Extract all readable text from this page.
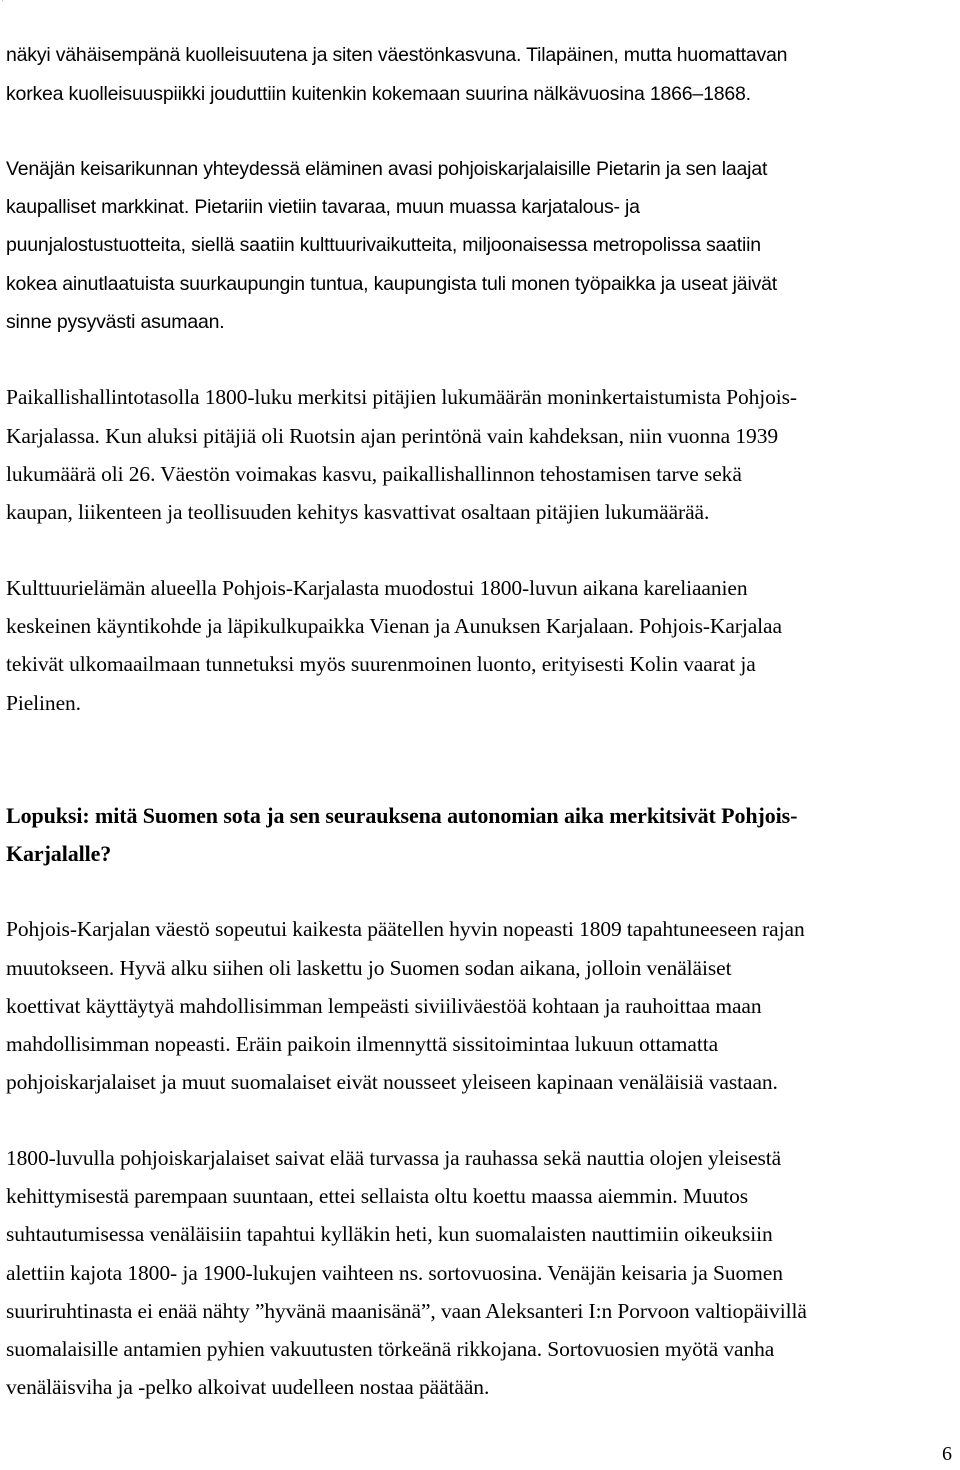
'
näkyi vähäisempänä kuolleisuutena ja siten väestönkasvuna. Tilapäinen, mutta huomattavan
korkea kuolleisuuspiikki jouduttiin kuitenkin kokemaan suurina nälkävuosina 1866–1868.
Venäjän keisarikunnan yhteydessä eläminen avasi pohjoiskarjalaisille Pietarin ja sen laajat
kaupalliset markkinat. Pietariin vietiin tavaraa, muun muassa karjatalous- ja
puunjalostustuotteita, siellä saatiin kulttuurivaikutteita, miljoonaisessa metropolissa saatiin
kokea ainutlaatuista suurkaupungin tuntua, kaupungista tuli monen työpaikka ja useat jäivät
sinne pysyvästi asumaan.
Paikallishallintotasolla 1800-luku merkitsi pitäjien lukumäärän moninkertaistumista Pohjois-
Karjalassa. Kun aluksi pitäjiä oli Ruotsin ajan perintönä vain kahdeksan, niin vuonna 1939
lukumäärä oli 26. Väestön voimakas kasvu, paikallishallinnon tehostamisen tarve sekä
kaupan, liikenteen ja teollisuuden kehitys kasvattivat osaltaan pitäjien lukumäärää.
Kulttuurielämän alueella Pohjois-Karjalasta muodostui 1800-luvun aikana kareliaanien
keskeinen käyntikohde ja läpikulkupaikka Vienan ja Aunuksen Karjalaan. Pohjois-Karjalaa
tekivät ulkomaailmaan tunnetuksi myös suurenmoinen luonto, erityisesti Kolin vaarat ja
Pielinen.
Lopuksi: mitä Suomen sota ja sen seurauksena autonomian aika merkitsivät Pohjois-
Karjalalle?
Pohjois-Karjalan väestö sopeutui kaikesta päätellen hyvin nopeasti 1809 tapahtuneeseen rajan
muutokseen. Hyvä alku siihen oli laskettu jo Suomen sodan aikana, jolloin venäläiset
koettivat käyttäytyä mahdollisimman lempeästi siviiliväestöä kohtaan ja rauhoittaa maan
mahdollisimman nopeasti. Eräin paikoin ilmennyttä sissitoimintaa lukuun ottamatta
pohjoiskarjalaiset ja muut suomalaiset eivät nousseet yleiseen kapinaan venäläisiä vastaan.
1800-luvulla pohjoiskarjalaiset saivat elää turvassa ja rauhassa sekä nauttia olojen yleisestä
kehittymisestä parempaan suuntaan, ettei sellaista oltu koettu maassa aiemmin. Muutos
suhtautumisessa venäläisiin tapahtui kylläkin heti, kun suomalaisten nauttimiin oikeuksiin
alettiin kajota 1800- ja 1900-lukujen vaihteen ns. sortovuosina. Venäjän keisaria ja Suomen
suuriruhtinasta ei enää nähty ”hyvänä maanisänä”, vaan Aleksanteri I:n Porvoon valtiopäivillä
suomalaisille antamien pyhien vakuutusten törkeänä rikkojana. Sortovuosien myötä vanha
venäläisviha ja -pelko alkoivat uudelleen nostaa päätään.
6
